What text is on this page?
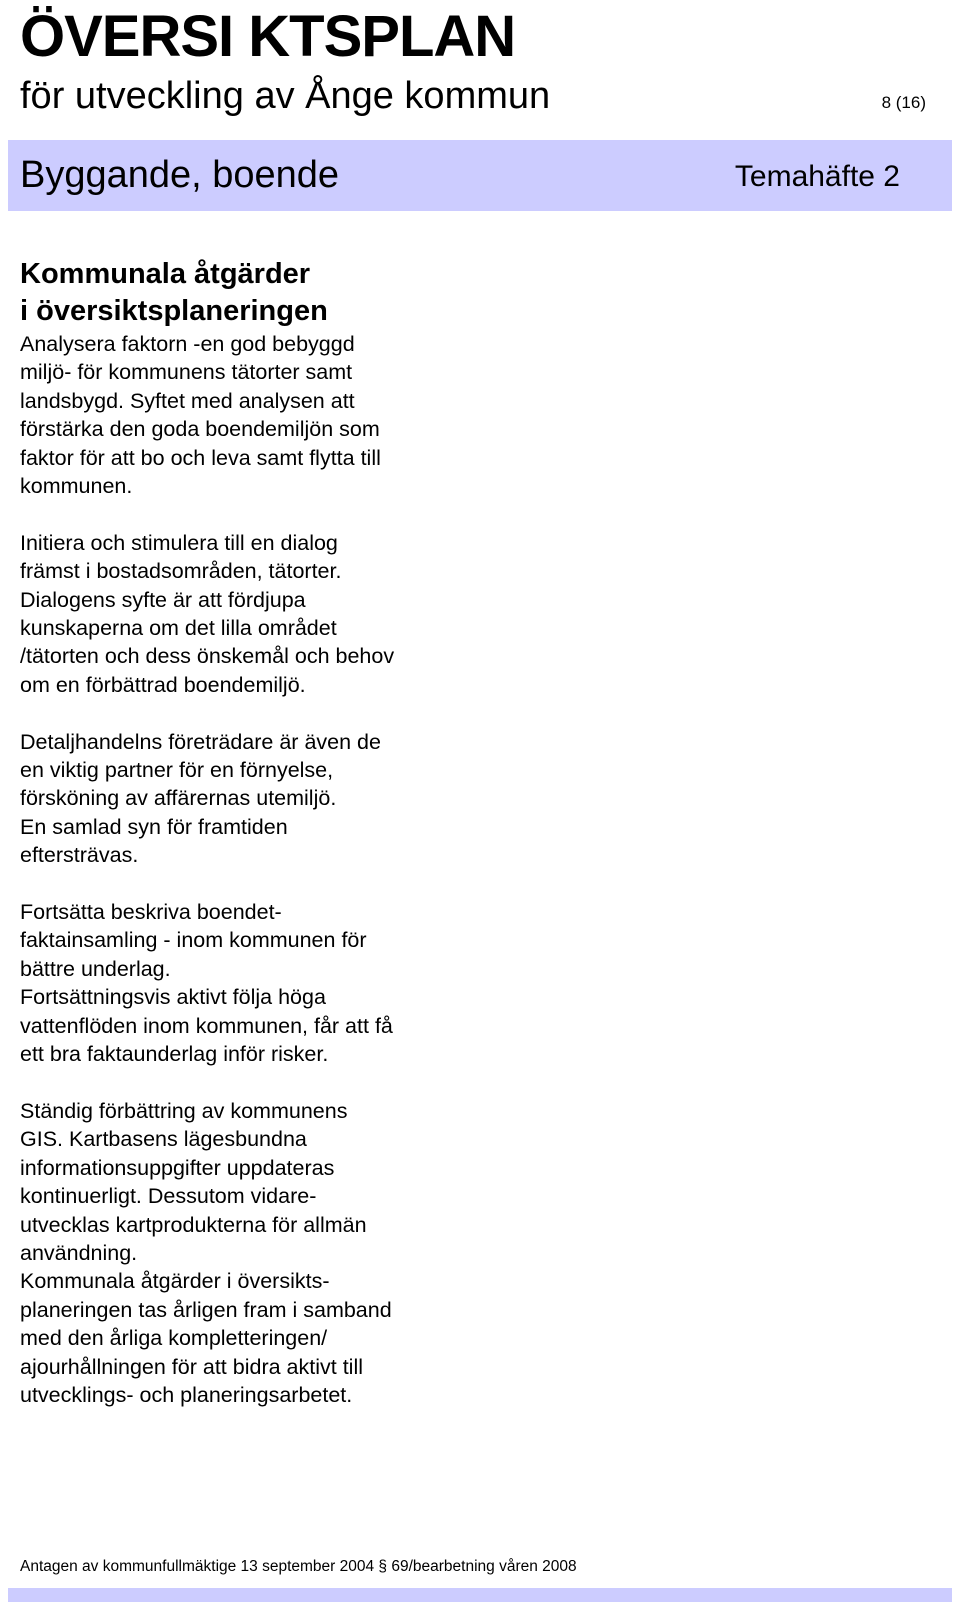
ÖVERSI KTSPLAN
för utveckling av Ånge kommun	8 (16)
Byggande, boende	Temahäfte 2
Kommunala åtgärder
i översiktsplaneringen
Analysera faktorn -en god bebyggd
miljö- för kommunens tätorter samt
landsbygd. Syftet med analysen att
förstärka den goda boendemiljön som
faktor för att bo och leva samt flytta till
kommunen.
Initiera och stimulera till en dialog
främst i bostadsområden, tätorter.
Dialogens syfte är att fördjupa
kunskaperna om det lilla området
/tätorten och dess önskemål och behov
om en förbättrad boendemiljö.
Detaljhandelns företrädare är även de
en viktig partner för en förnyelse,
försköning av affärernas utemiljö.
En samlad syn för framtiden
eftersträvas.
Fortsätta beskriva boendet-
faktainsamling - inom kommunen för
bättre underlag.
Fortsättningsvis aktivt följa höga
vattenflöden inom kommunen, får att få
ett bra faktaunderlag inför risker.
Ständig förbättring av kommunens
GIS. Kartbasens lägesbundna
informationsuppgifter uppdateras
kontinuerligt. Dessutom vidare-
utvecklas kartprodukterna för allmän
användning.
Kommunala åtgärder i översikts-
planeringen tas årligen fram i samband
med den årliga kompletteringen/
ajourhållningen för att bidra aktivt till
utvecklings- och planeringsarbetet.
Antagen av kommunfullmäktige 13 september 2004 § 69/bearbetning våren 2008
